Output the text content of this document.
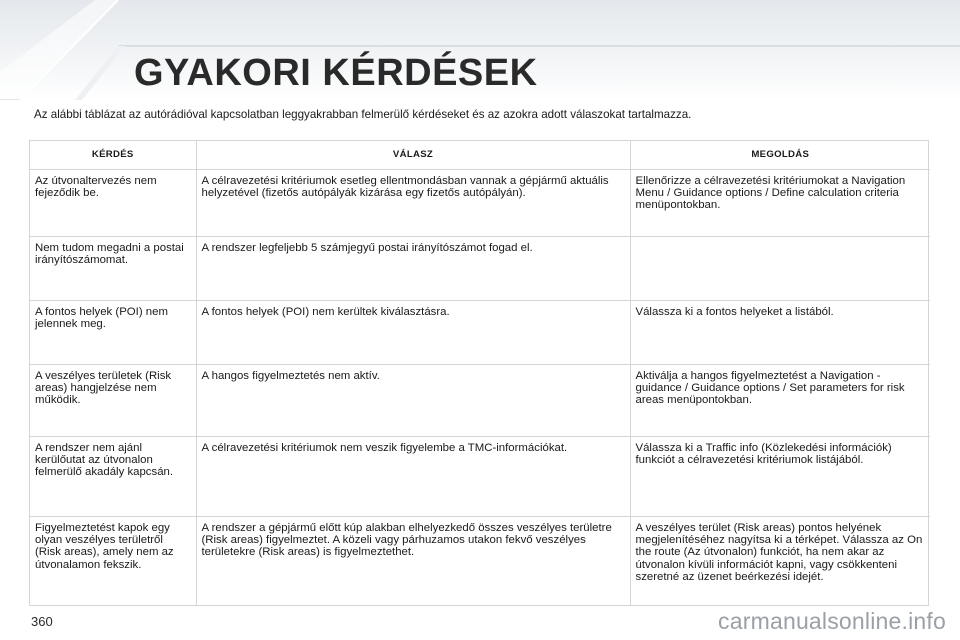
GYAKORI KÉRDÉSEK
Az alábbi táblázat az autórádióval kapcsolatban leggyakrabban felmerülő kérdéseket és az azokra adott válaszokat tartalmazza.
KÉRDÉS	VÁLASZ	MEGOLDÁS
Az útvonaltervezés nem fejeződik be.	A célravezetési kritériumok esetleg ellentmondásban vannak a gépjármű aktuális helyzetével (fizetős autópályák kizárása egy fizetős autópályán).	Ellenőrizze a célravezetési kritériumokat a Navigation Menu / Guidance options / Define calculation criteria menüpontokban.
Nem tudom megadni a postai irányítószámomat.	A rendszer legfeljebb 5 számjegyű postai irányítószámot fogad el.	
A fontos helyek (POI) nem jelennek meg.	A fontos helyek (POI) nem kerültek kiválasztásra.	Válassza ki a fontos helyeket a listából.
A veszélyes területek (Risk areas) hangjelzése nem működik.	A hangos figyelmeztetés nem aktív.	Aktiválja a hangos figyelmeztetést a Navigation - guidance / Guidance options / Set parameters for risk areas menüpontokban.
A rendszer nem ajánl kerülőutat az útvonalon felmerülő akadály kapcsán.	A célravezetési kritériumok nem veszik figyelembe a TMC-információkat.	Válassza ki a Traffic info (Közlekedési információk) funkciót a célravezetési kritériumok listájából.
Figyelmeztetést kapok egy olyan veszélyes területről (Risk areas), amely nem az útvonalamon fekszik.	A rendszer a gépjármű előtt kúp alakban elhelyezkedő összes veszélyes területre (Risk areas) figyelmeztet. A közeli vagy párhuzamos utakon fekvő veszélyes területekre (Risk areas) is figyelmeztethet.	A veszélyes terület (Risk areas) pontos helyének megjelenítéséhez nagyítsa ki a térképet. Válassza az On the route (Az útvonalon) funkciót, ha nem akar az útvonalon kívüli információt kapni, vagy csökkenteni szeretné az üzenet beérkezési idejét.
360	carmanualsonline.info
